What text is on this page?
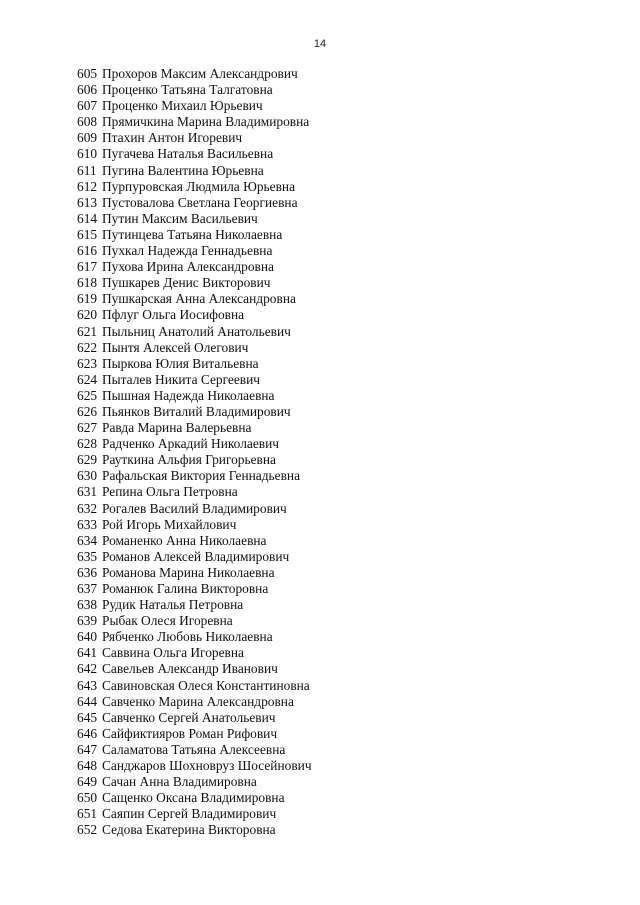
14
605 Прохоров Максим Александрович
606 Проценко Татьяна Талгатовна
607 Проценко Михаил Юрьевич
608 Прямичкина Марина Владимировна
609 Птахин Антон Игоревич
610 Пугачева Наталья Васильевна
611 Пугина Валентина Юрьевна
612 Пурпуровская Людмила Юрьевна
613 Пустовалова Светлана Георгиевна
614 Путин Максим Васильевич
615 Путинцева Татьяна Николаевна
616 Пухкал Надежда Геннадьевна
617 Пухова Ирина Александровна
618 Пушкарев Денис Викторович
619 Пушкарская Анна Александровна
620 Пфлуг Ольга Иосифовна
621 Пыльниц Анатолий Анатольевич
622 Пынтя Алексей Олегович
623 Пыркова Юлия Витальевна
624 Пыталев Никита Сергеевич
625 Пышная Надежда Николаевна
626 Пьянков Виталий Владимирович
627 Равда Марина Валерьевна
628 Радченко Аркадий Николаевич
629 Рауткина Альфия Григорьевна
630 Рафальская Виктория Геннадьевна
631 Репина Ольга Петровна
632 Рогалев Василий Владимирович
633 Рой Игорь Михайлович
634 Романенко Анна Николаевна
635 Романов Алексей Владимирович
636 Романова Марина Николаевна
637 Романюк Галина Викторовна
638 Рудик Наталья Петровна
639 Рыбак Олеся Игоревна
640 Рябченко Любовь Николаевна
641 Саввина Ольга Игоревна
642 Савельев Александр Иванович
643 Савиновская Олеся Константиновна
644 Савченко Марина Александровна
645 Савченко Сергей Анатольевич
646 Сайфиктияров Роман Рифович
647 Саламатова Татьяна Алексеевна
648 Санджаров Шохновруз Шосейнович
649 Сачан Анна Владимировна
650 Сащенко Оксана Владимировна
651 Саяпин Сергей Владимирович
652 Седова Екатерина Викторовна
